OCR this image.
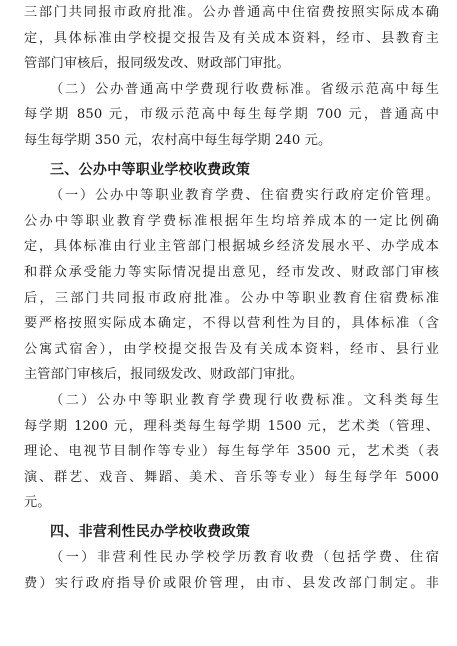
三部门共同报市政府批准。公办普通高中住宿费按照实际成本确
定，具体标准由学校提交报告及有关成本资料，经市、县教育主
管部门审核后，报同级发改、财政部门审批。

（二）公办普通高中学费现行收费标准。省级示范高中每生
每学期 850 元，市级示范高中每生每学期 700 元，普通高中
每生每学期 350 元，农村高中每生每学期 240 元。

三、公办中等职业学校收费政策

（一）公办中等职业教育学费、住宿费实行政府定价管理。
公办中等职业教育学费标准根据年生均培养成本的一定比例确
定，具体标准由行业主管部门根据城乡经济发展水平、办学成本
和群众承受能力等实际情况提出意见，经市发改、财政部门审核
后，三部门共同报市政府批准。公办中等职业教育住宿费标准
要严格按照实际成本确定，不得以营利性为目的，具体标准（含
公寓式宿舍），由学校提交报告及有关成本资料，经市、县行业
主管部门审核后，报同级发改、财政部门审批。

（二）公办中等职业教育学费现行收费标准。文科类每生
每学期 1200 元，理科类每生每学期 1500 元，艺术类（管理、
理论、电视节目制作等专业）每生每学年 3500 元，艺术类（表
演、群艺、戏音、舞蹈、美术、音乐等专业）每生每学年 5000
元。

四、非营利性民办学校收费政策

（一）非营利性民办学校学历教育收费（包括学费、住宿
费）实行政府指导价或限价管理，由市、县发改部门制定。非
